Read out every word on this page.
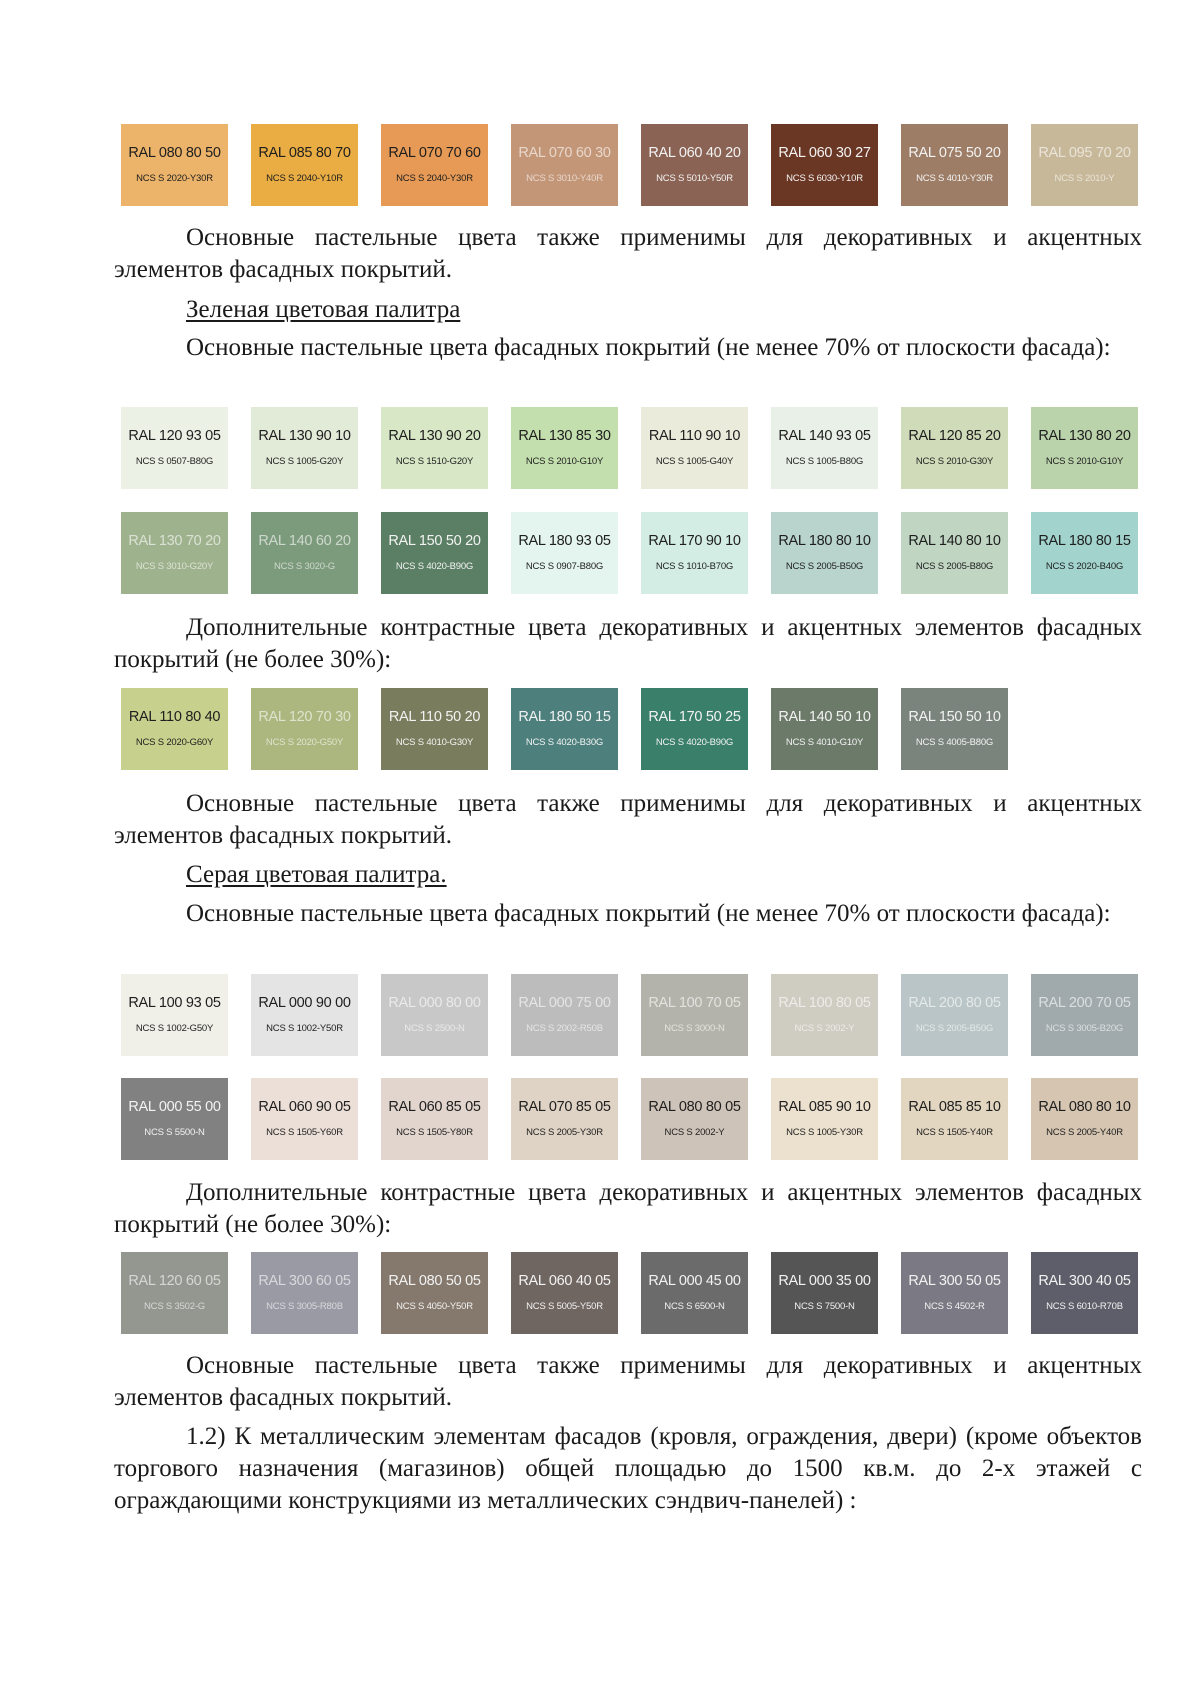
RAL 080 80 50
NCS S 2020-Y30R
RAL 085 80 70
NCS S 2040-Y10R
RAL 070 70 60
NCS S 2040-Y30R
RAL 070 60 30
NCS S 3010-Y40R
RAL 060 40 20
NCS S 5010-Y50R
RAL 060 30 27
NCS S 6030-Y10R
RAL 075 50 20
NCS S 4010-Y30R
RAL 095 70 20
NCS S 2010-Y

Основные пастельные цвета также применимы для декоративных и акцентных элементов фасадных покрытий.

Зеленая цветовая палитра

Основные пастельные цвета фасадных покрытий (не менее 70% от плоскости фасада):

RAL 120 93 05
NCS S 0507-B80G
RAL 130 90 10
NCS S 1005-G20Y
RAL 130 90 20
NCS S 1510-G20Y
RAL 130 85 30
NCS S 2010-G10Y
RAL 110 90 10
NCS S 1005-G40Y
RAL 140 93 05
NCS S 1005-B80G
RAL 120 85 20
NCS S 2010-G30Y
RAL 130 80 20
NCS S 2010-G10Y
RAL 130 70 20
NCS S 3010-G20Y
RAL 140 60 20
NCS S 3020-G
RAL 150 50 20
NCS S 4020-B90G
RAL 180 93 05
NCS S 0907-B80G
RAL 170 90 10
NCS S 1010-B70G
RAL 180 80 10
NCS S 2005-B50G
RAL 140 80 10
NCS S 2005-B80G
RAL 180 80 15
NCS S 2020-B40G

Дополнительные контрастные цвета декоративных и акцентных элементов фасадных покрытий (не более 30%):

RAL 110 80 40
NCS S 2020-G60Y
RAL 120 70 30
NCS S 2020-G50Y
RAL 110 50 20
NCS S 4010-G30Y
RAL 180 50 15
NCS S 4020-B30G
RAL 170 50 25
NCS S 4020-B90G
RAL 140 50 10
NCS S 4010-G10Y
RAL 150 50 10
NCS S 4005-B80G

Основные пастельные цвета также применимы для декоративных и акцентных элементов фасадных покрытий.

Серая цветовая палитра.

Основные пастельные цвета фасадных покрытий (не менее 70% от плоскости фасада):

RAL 100 93 05
NCS S 1002-G50Y
RAL 000 90 00
NCS S 1002-Y50R
RAL 000 80 00
NCS S 2500-N
RAL 000 75 00
NCS S 2002-R50B
RAL 100 70 05
NCS S 3000-N
RAL 100 80 05
NCS S 2002-Y
RAL 200 80 05
NCS S 2005-B50G
RAL 200 70 05
NCS S 3005-B20G
RAL 000 55 00
NCS S 5500-N
RAL 060 90 05
NCS S 1505-Y60R
RAL 060 85 05
NCS S 1505-Y80R
RAL 070 85 05
NCS S 2005-Y30R
RAL 080 80 05
NCS S 2002-Y
RAL 085 90 10
NCS S 1005-Y30R
RAL 085 85 10
NCS S 1505-Y40R
RAL 080 80 10
NCS S 2005-Y40R

Дополнительные контрастные цвета декоративных и акцентных элементов фасадных покрытий (не более 30%):

RAL 120 60 05
NCS S 3502-G
RAL 300 60 05
NCS S 3005-R80B
RAL 080 50 05
NCS S 4050-Y50R
RAL 060 40 05
NCS S 5005-Y50R
RAL 000 45 00
NCS S 6500-N
RAL 000 35 00
NCS S 7500-N
RAL 300 50 05
NCS S 4502-R
RAL 300 40 05
NCS S 6010-R70B

Основные пастельные цвета также применимы для декоративных и акцентных элементов фасадных покрытий.

1.2) К металлическим элементам фасадов (кровля, ограждения, двери) (кроме объектов торгового назначения (магазинов) общей площадью до 1500 кв.м. до 2-х этажей с ограждающими конструкциями из металлических сэндвич-панелей) :
